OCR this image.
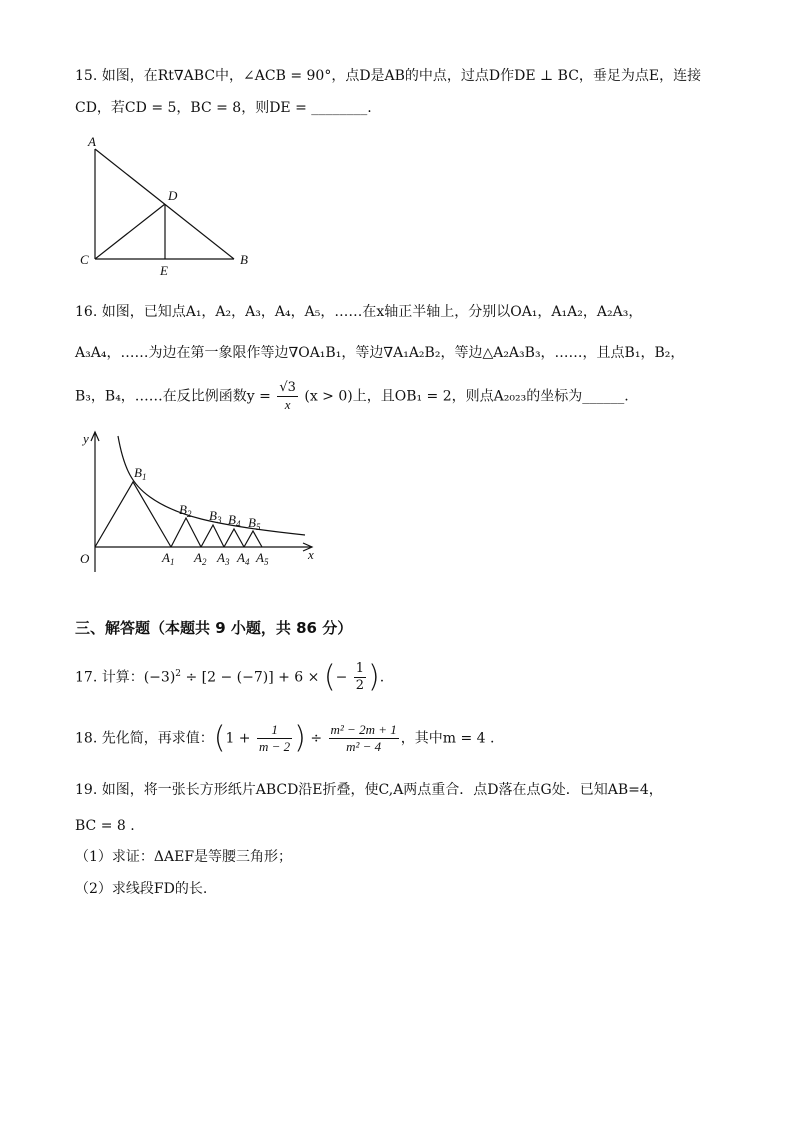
15. 如图，在Rt∇ABC中，∠ACB = 90°，点D是AB的中点，过点D作DE ⊥ BC，垂足为点E，连接
CD，若CD = 5，BC = 8，则DE = ________.
A
D
C
E
B
16. 如图，已知点A₁，A₂，A₃，A₄，A₅，……在x轴正半轴上，分别以OA₁，A₁A₂，A₂A₃，
A₃A₄，……为边在第一象限作等边∇OA₁B₁，等边∇A₁A₂B₂，等边△A₂A₃B₃，……，且点B₁，B₂，
B₃，B₄，……在反比例函数$y = \frac{√3}{x} (x > 0)$上，且OB₁ = 2，则点A₂₀₂₃的坐标为______.
y
x
O	$A_1$ $A_2$ $A_3$ $A_4$ $A_5$
$B_1$
$B_2$ $B_3$ $B_4$ $B_5$
三、解答题（本题共 9 小题，共 86 分）
17. 计算：$(-3)^2 \div [2 - (-7)] + 6$ × (− $\frac{1}{2}$ ).
18. 先化简，再求值：($1 + \frac{1}{m - 2}$ ) ÷ $\frac{\text{m² − 2m + 1}}{\text{m² − 4}}$ ，其中m = 4 .
19. 如图，将一张长方形纸片ABCD沿E折叠，使C,A两点重合．点D落在点G处．已知AB=4，
BC = 8 .
（1）求证：ΔAEF是等腰三角形；
（2）求线段FD的长.
